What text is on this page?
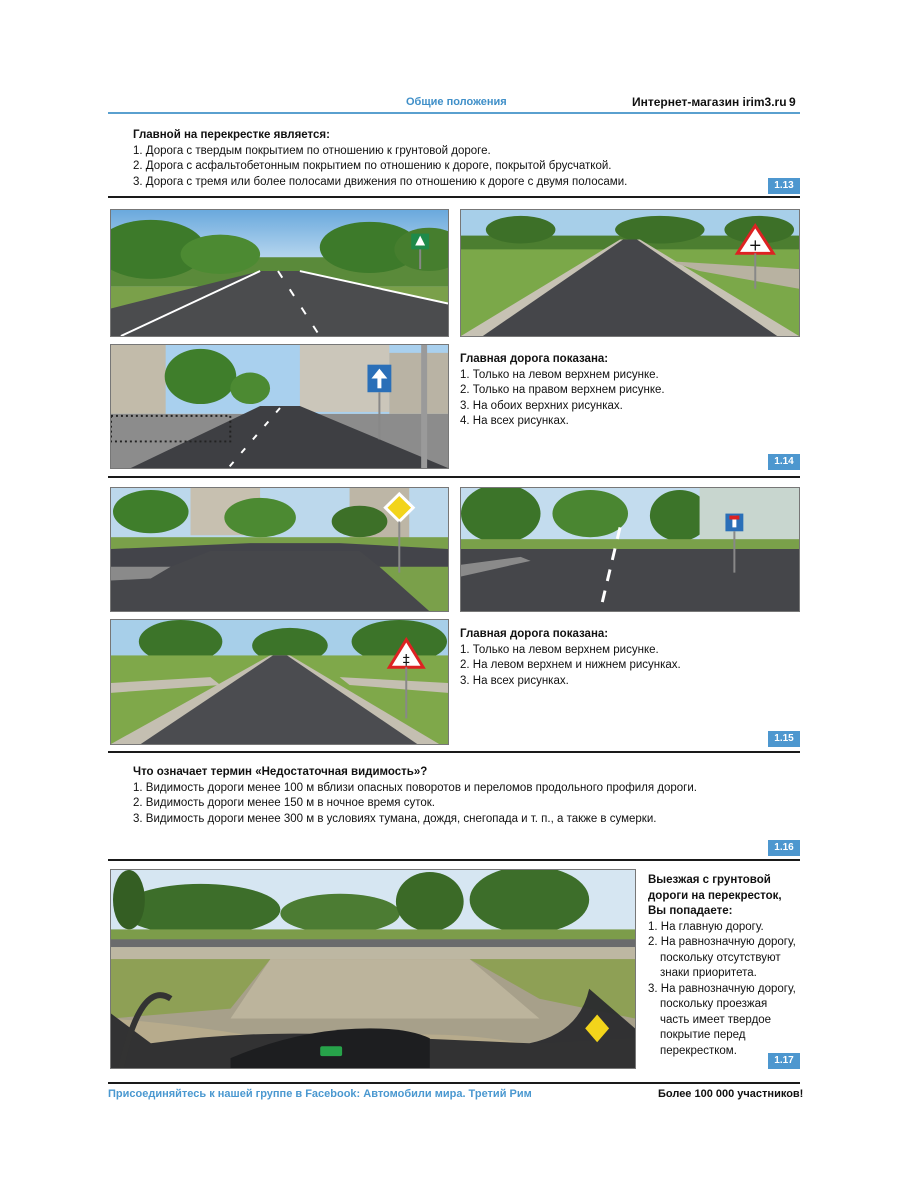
Общие положения	Интернет-магазин irim3.ru 9
Главной на перекрестке является:
1. Дорога с твердым покрытием по отношению к грунтовой дороге.
2. Дорога с асфальтобетонным покрытием по отношению к дороге, покрытой брусчаткой.
3. Дорога с тремя или более полосами движения по отношению к дороге с двумя полосами.	1.13
+
Главная дорога показана:
1. Только на левом верхнем рисунке.
2. Только на правом верхнем рисунке.
3. На обоих верхних рисунках.
4. На всех рисунках.
1.14
‡
Главная дорога показана:
1. Только на левом верхнем рисунке.
2. На левом верхнем и нижнем рисунках.
3. На всех рисунках.
1.15
Что означает термин «Недостаточная видимость»?
1. Видимость дороги менее 100 м вблизи опасных поворотов и переломов продольного профиля дороги.
2. Видимость дороги менее 150 м в ночное время суток.
3. Видимость дороги менее 300 м в условиях тумана, дождя, снегопада и т. п., а также в сумерки.
1.16
Выезжая с грунтовой
дороги на перекресток,
Вы попадаете:
1. На главную дорогу.
2. На равнозначную дорогу,
поскольку отсутствуют
знаки приоритета.
3. На равнозначную дорогу,
поскольку проезжая
часть имеет твердое
покрытие перед
перекрестком.
1.17
Присоединяйтесь к нашей группе в Facebook: Автомобили мира. Третий Рим	Более 100 000 участников!
